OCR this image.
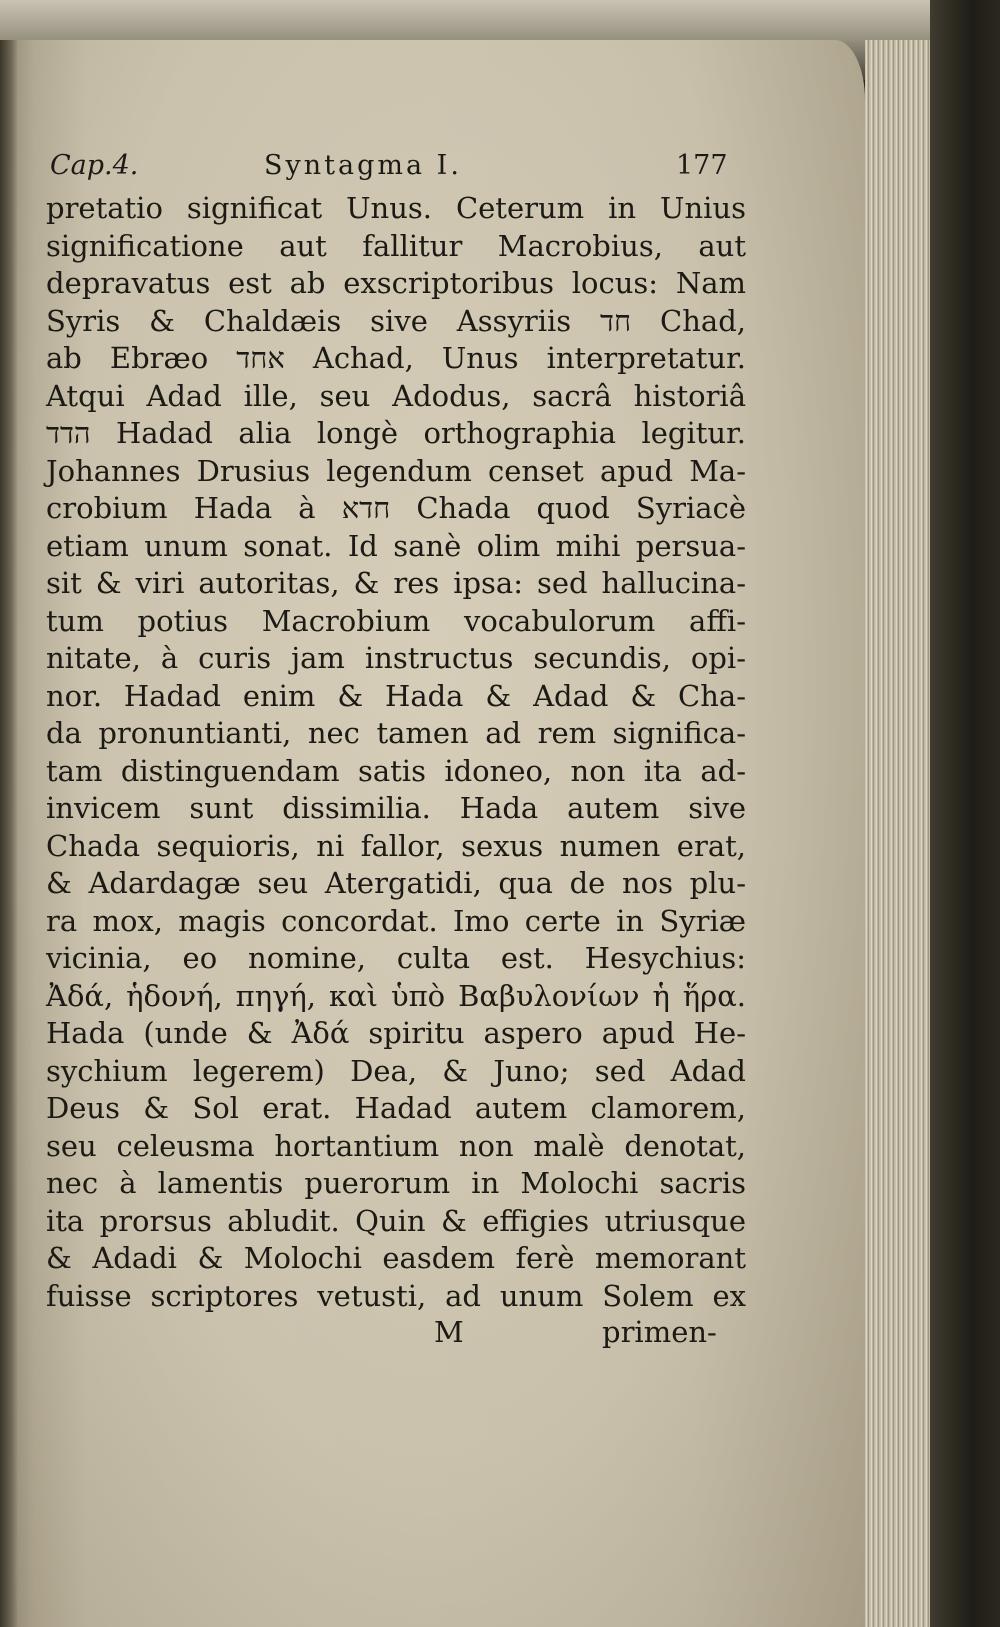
Cap.4.	Syntagma I.	177
pretatio significat Unus. Ceterum in Unius
significatione aut fallitur Macrobius, aut
depravatus est ab exscriptoribus locus: Nam
Syris & Chaldæis sive Assyriis חד Chad,
ab Ebræo אחד Achad, Unus interpretatur.
Atqui Adad ille, seu Adodus, sacrâ historiâ
הדד Hadad alia longè orthographia legitur.
Johannes Drusius legendum censet apud Ma-
crobium Hada à חדא Chada quod Syriacè
etiam unum sonat. Id sanè olim mihi persua-
sit & viri autoritas, & res ipsa: sed hallucina-
tum potius Macrobium vocabulorum affi-
nitate, à curis jam instructus secundis, opi-
nor. Hadad enim & Hada & Adad & Cha-
da pronuntianti, nec tamen ad rem significa-
tam distinguendam satis idoneo, non ita ad-
invicem sunt dissimilia. Hada autem sive
Chada sequioris, ni fallor, sexus numen erat,
& Adardagæ seu Atergatidi, qua de nos plu-
ra mox, magis concordat. Imo certe in Syriæ
vicinia, eo nomine, culta est. Hesychius:
Ἀδά, ἡδονή, πηγή, καὶ ὑπὸ Βαβυλονίων ἡ ἥρα.
Hada (unde & Ἀδά spiritu aspero apud He-
sychium legerem) Dea, & Juno; sed Adad
Deus & Sol erat. Hadad autem clamorem,
seu celeusma hortantium non malè denotat,
nec à lamentis puerorum in Molochi sacris
ita prorsus abludit. Quin & effigies utriusque
& Adadi & Molochi easdem ferè memorant
fuisse scriptores vetusti, ad unum Solem ex
M	primen-
